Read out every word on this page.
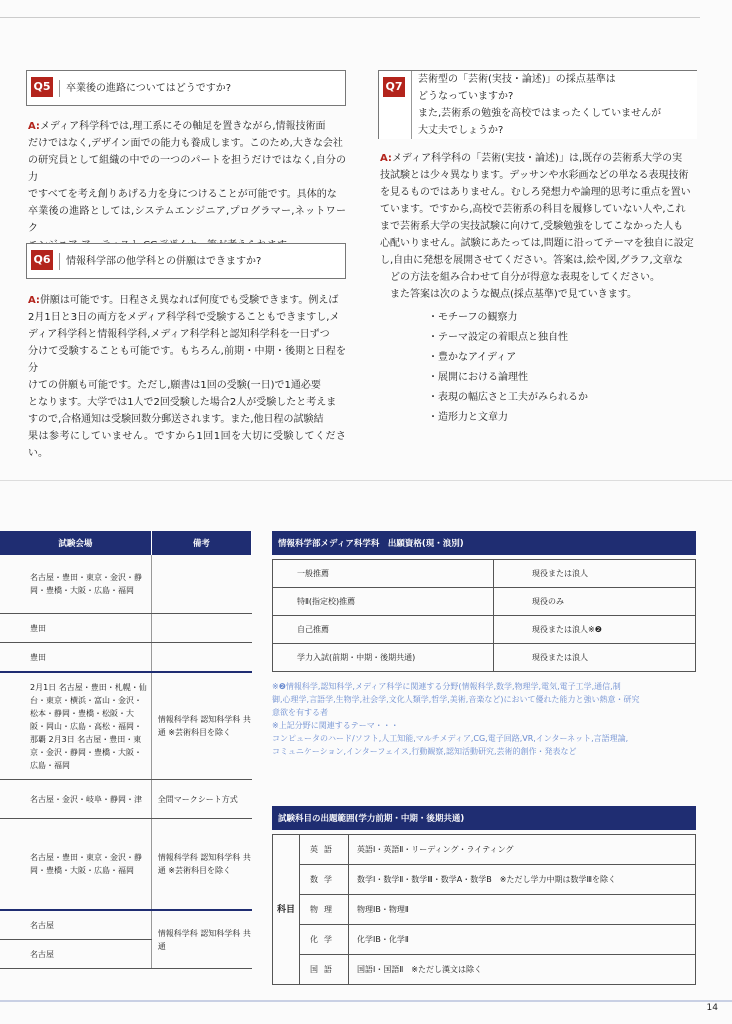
Q5	卒業後の進路についてはどうですか?
A:メディア科学科では,理工系にその軸足を置きながら,情報技術面
だけではなく,デザイン面での能力も養成します。このため,大きな会社
の研究員として組織の中での一つのパートを担うだけではなく,自分の力
ですべてを考え創りあげる力を身につけることが可能です。具体的な
卒業後の進路としては,システムエンジニア,プログラマー,ネットワーク
Q6	情報科学部の他学科との併願はできますか?
A:併願は可能です。日程さえ異なれば何度でも受験できます。例えば
2月1日と3日の両方をメディア科学科で受験することもできますし,メ
ディア科学科と情報科学科,メディア科学科と認知科学科を一日ずつ
分けて受験することも可能です。もちろん,前期・中期・後期と日程を分
けての併願も可能です。ただし,願書は1回の受験(一日)で1通必要
となります。大学では1人で2回受験した場合2人が受験したと考えま
すので,合格通知は受験回数分郵送されます。また,他日程の試験結
果は参考にしていません。ですから1回1回を大切に受験してください。
Q7
芸術型の「芸術(実技・論述)」の採点基準は
どうなっていますか?
また,芸術系の勉強を高校ではまったくしていませんが
大丈夫でしょうか?
A:メディア科学科の「芸術(実技・論述)」は,既存の芸術系大学の実
技試験とは少々異なります。デッサンや水彩画などの単なる表現技術
を見るものではありません。むしろ発想力や論理的思考に重点を置い
ています。ですから,高校で芸術系の科目を履修していない人や,これ
まで芸術系大学の実技試験に向けて,受験勉強をしてこなかった人も
心配いりません。試験にあたっては,問題に沿ってテーマを独自に設定
し,自由に発想を展開させてください。答案は,絵や図,グラフ,文章な
どの方法を組み合わせて自分が得意な表現をしてください。
また答案は次のような観点(採点基準)で見ていきます。
・モチーフの観察力
・テーマ設定の着眼点と独自性
・豊かなアイディア
・展開における論理性
・表現の幅広さと工夫がみられるか
・造形力と文章力
試験会場	備考
名古屋・豊田・東京・金沢・静岡・豊橋・大阪・広島・福岡	
豊田	
豊田	
2月1日 名古屋・豊田・札幌・仙台・東京・横浜・富山・金沢・松本・静岡・豊橋・松阪・大阪・岡山・広島・高松・福岡・那覇 2月3日 名古屋・豊田・東京・金沢・静岡・豊橋・大阪・広島・福岡	情報科学科 認知科学科 共通 ※芸術科目を除く
名古屋・金沢・岐阜・静岡・津	全問マークシート方式
名古屋・豊田・東京・金沢・静岡・豊橋・大阪・広島・福岡	情報科学科 認知科学科 共通 ※芸術科目を除く
名古屋	情報科学科 認知科学科 共通
名古屋	
情報科学部メディア科学科　出願資格(現・浪別)
一般推薦	現役または浪人
特Ⅱ(指定校)推薦	現役のみ
自己推薦	現役または浪人※❷
学力入試(前期・中期・後期共通)	現役または浪人
※❷情報科学,認知科学,メディア科学に関連する分野(情報科学,数学,物理学,電気,電子工学,通信,制
御,心理学,言語学,生物学,社会学,文化人類学,哲学,美術,音楽など)において優れた能力と強い熱意・研究
意欲を有する者
※上記分野に関連するテーマ・・・
コンピュータのハード/ソフト,人工知能,マルチメディア,CG,電子回路,VR,インターネット,言語理論,
コミュニケーション,インターフェイス,行動観察,認知活動研究,芸術的創作・発表など
試験科目の出題範囲(学力前期・中期・後期共通)
科目	英語	英語Ⅰ・英語Ⅱ・リーディング・ライティング
	数学	数学Ⅰ・数学Ⅱ・数学Ⅲ・数学A・数学B　※ただし学力中期は数学Ⅲを除く
	物理	物理ⅠB・物理Ⅱ
	化学	化学ⅠB・化学Ⅱ
	国語	国語Ⅰ・国語Ⅱ　※ただし漢文は除く
14
